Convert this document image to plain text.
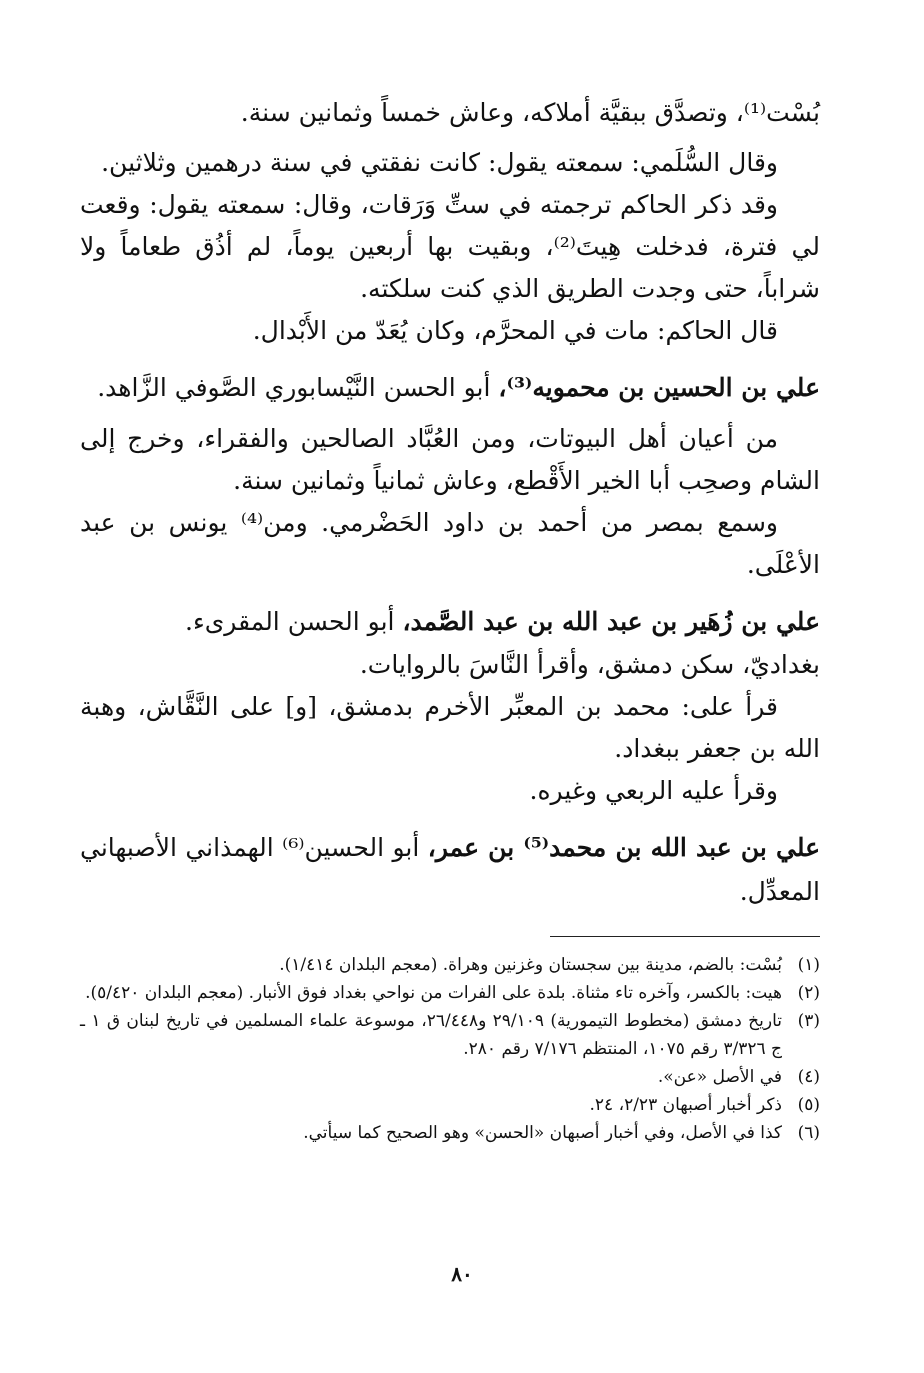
بُسْت⁽¹⁾، وتصدَّق ببقيَّة أملاكه، وعاش خمساً وثمانين سنة.

وقال السُّلَمي: سمعته يقول: كانت نفقتي في سنة درهمين وثلاثين.

وقد ذكر الحاكم ترجمته في ستِّ وَرَقات، وقال: سمعته يقول: وقعت لي فترة، فدخلت هِيتَ⁽²⁾، وبقيت بها أربعين يوماً، لم أذُق طعاماً ولا شراباً، حتى وجدت الطريق الذي كنت سلكته.

قال الحاكم: مات في المحرَّم، وكان يُعَدّ من الأَبْدال.

علي بن الحسين بن محمويه⁽³⁾، أبو الحسن النَّيْسابوري الصَّوفي الزَّاهد.

من أعيان أهل البيوتات، ومن العُبَّاد الصالحين والفقراء، وخرج إلى الشام وصحِب أبا الخير الأَقْطع، وعاش ثمانياً وثمانين سنة.

وسمع بمصر من أحمد بن داود الحَضْرمي. ومن⁽⁴⁾ يونس بن عبد الأعْلَى.

علي بن زُهَير بن عبد الله بن عبد الصَّمد، أبو الحسن المقرىء.

بغداديّ، سكن دمشق، وأقرأ النَّاسَ بالروايات.

قرأ على: محمد بن المعبِّر الأخرم بدمشق، [و] على النَّقَّاش، وهبة الله بن جعفر ببغداد.

وقرأ عليه الربعي وغيره.

علي بن عبد الله بن محمد⁽⁵⁾ بن عمر، أبو الحسين⁽⁶⁾ الهمذاني الأصبهاني المعدِّل.
(١)
بُسْت: بالضم، مدينة بين سجستان وغزنين وهراة. (معجم البلدان ١/٤١٤).
(٢)
هيت: بالكسر، وآخره تاء مثناة. بلدة على الفرات من نواحي بغداد فوق الأنبار. (معجم البلدان ٥/٤٢٠).
(٣)
تاريخ دمشق (مخطوط التيمورية) ٢٩/١٠٩ و٢٦/٤٤٨، موسوعة علماء المسلمين في تاريخ لبنان ق ١ ـ ج ٣/٣٢٦ رقم ١٠٧٥، المنتظم ٧/١٧٦ رقم ٢٨٠.
(٤)
في الأصل «عن».
(٥)
ذكر أخبار أصبهان ٢/٢٣، ٢٤.
(٦)
كذا في الأصل، وفي أخبار أصبهان «الحسن» وهو الصحيح كما سيأتي.
٨٠
